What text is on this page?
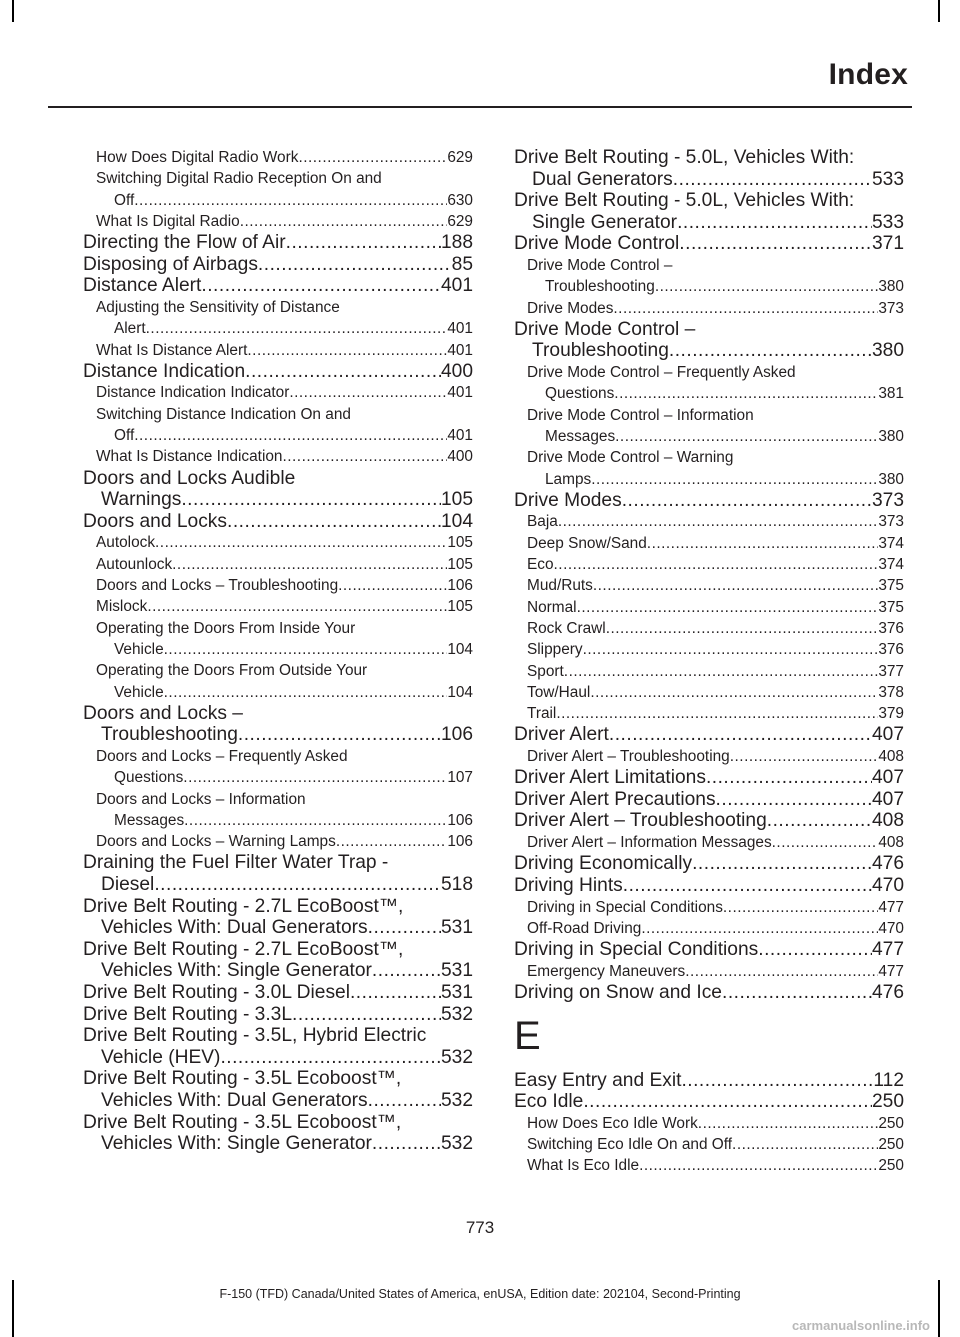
Index
How Does Digital Radio Work .....	629
Switching Digital Radio Reception On and
Off .....	630
What Is Digital Radio .....	629
Directing the Flow of Air .....	188
Disposing of Airbags .....	85
Distance Alert .....	401
Adjusting the Sensitivity of Distance
Alert .....	401
What Is Distance Alert .....	401
Distance Indication .....	400
Distance Indication Indicator .....	401
Switching Distance Indication On and
Off .....	401
What Is Distance Indication .....	400
Doors and Locks Audible
Warnings .....	105
Doors and Locks .....	104
Autolock .....	105
Autounlock .....	105
Doors and Locks – Troubleshooting .....	106
Mislock .....	105
Operating the Doors From Inside Your
Vehicle .....	104
Operating the Doors From Outside Your
Vehicle .....	104
Doors and Locks –
Troubleshooting .....	106
Doors and Locks – Frequently Asked
Questions .....	107
Doors and Locks – Information
Messages .....	106
Doors and Locks – Warning Lamps .....	106
Draining the Fuel Filter Water Trap -
Diesel .....	518
Drive Belt Routing - 2.7L EcoBoost™,
Vehicles With: Dual Generators .....	531
Drive Belt Routing - 2.7L EcoBoost™,
Vehicles With: Single Generator .....	531
Drive Belt Routing - 3.0L Diesel .....	531
Drive Belt Routing - 3.3L .....	532
Drive Belt Routing - 3.5L, Hybrid Electric
Vehicle (HEV) .....	532
Drive Belt Routing - 3.5L Ecoboost™,
Vehicles With: Dual Generators .....	532
Drive Belt Routing - 3.5L Ecoboost™,
Vehicles With: Single Generator .....	532
Drive Belt Routing - 5.0L, Vehicles With:
Dual Generators .....	533
Drive Belt Routing - 5.0L, Vehicles With:
Single Generator .....	533
Drive Mode Control .....	371
Drive Mode Control –
Troubleshooting .....	380
Drive Modes .....	373
Drive Mode Control –
Troubleshooting .....	380
Drive Mode Control – Frequently Asked
Questions .....	381
Drive Mode Control – Information
Messages .....	380
Drive Mode Control – Warning
Lamps .....	380
Drive Modes .....	373
Baja .....	373
Deep Snow/Sand .....	374
Eco .....	374
Mud/Ruts .....	375
Normal .....	375
Rock Crawl .....	376
Slippery .....	376
Sport .....	377
Tow/Haul .....	378
Trail .....	379
Driver Alert .....	407
Driver Alert – Troubleshooting .....	408
Driver Alert Limitations .....	407
Driver Alert Precautions .....	407
Driver Alert – Troubleshooting .....	408
Driver Alert – Information Messages .....	408
Driving Economically .....	476
Driving Hints .....	470
Driving in Special Conditions .....	477
Off-Road Driving .....	470
Driving in Special Conditions .....	477
Emergency Maneuvers .....	477
Driving on Snow and Ice .....	476
E
Easy Entry and Exit .....	112
Eco Idle .....	250
How Does Eco Idle Work .....	250
Switching Eco Idle On and Off .....	250
What Is Eco Idle .....	250
773
F-150 (TFD) Canada/United States of America, enUSA, Edition date: 202104, Second-Printing
carmanualsonline.info
